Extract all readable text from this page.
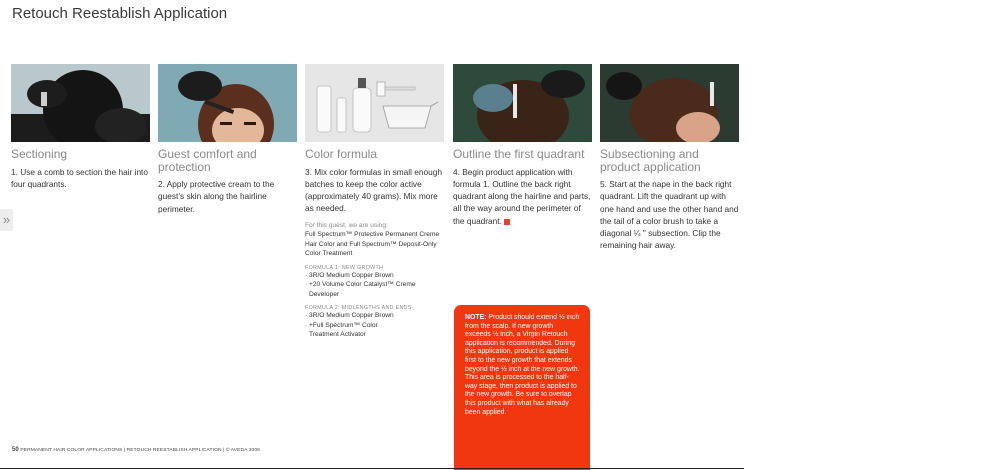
Retouch Reestablish Application
»
Sectioning
1. Use a comb to section the hair into four quadrants.
Guest comfort and protection
2. Apply protective cream to the guest’s skin along the hairline perimeter.
Color formula
3. Mix color formulas in small enough batches to keep the color active (approximately 40 grams). Mix more as needed.
For this guest, we are using:
Full Spectrum™ Protective Permanent Creme Hair Color and Full Spectrum™ Deposit-Only Color Treatment
FORMULA 1: NEW GROWTH
· 3R/O Medium Copper Brown
· +20 Volume Color Catalyst™ Creme
Developer
FORMULA 2: MIDLENGTHS AND ENDS
· 3R/O Medium Copper Brown
· +Full Spectrum™ Color
Treatment Activator
Outline the first quadrant
4. Begin product application with formula 1. Outline the back right quadrant along the hairline and parts, all the way around the perimeter of the quadrant.
Subsectioning and product application
5. Start at the nape in the back right quadrant. Lift the quadrant up with one hand and use the other hand and the tail of a color brush to take a diagonal ¼ " subsection. Clip the remaining hair away.
NOTE: Product should extend ½ inch from the scalp. If new growth exceeds ½ inch, a Virgin Retouch application is recommended. During this application, product is applied first to the new growth that extends beyond the ½ inch at the new growth. This area is processed to the half-way stage, then product is applied to the new growth. Be sure to overlap this product with what has already been applied.
50 PERMANENT HAIR COLOR APPLICATIONS | RETOUCH REESTABLISH APPLICATION | © AVEDA 2006
